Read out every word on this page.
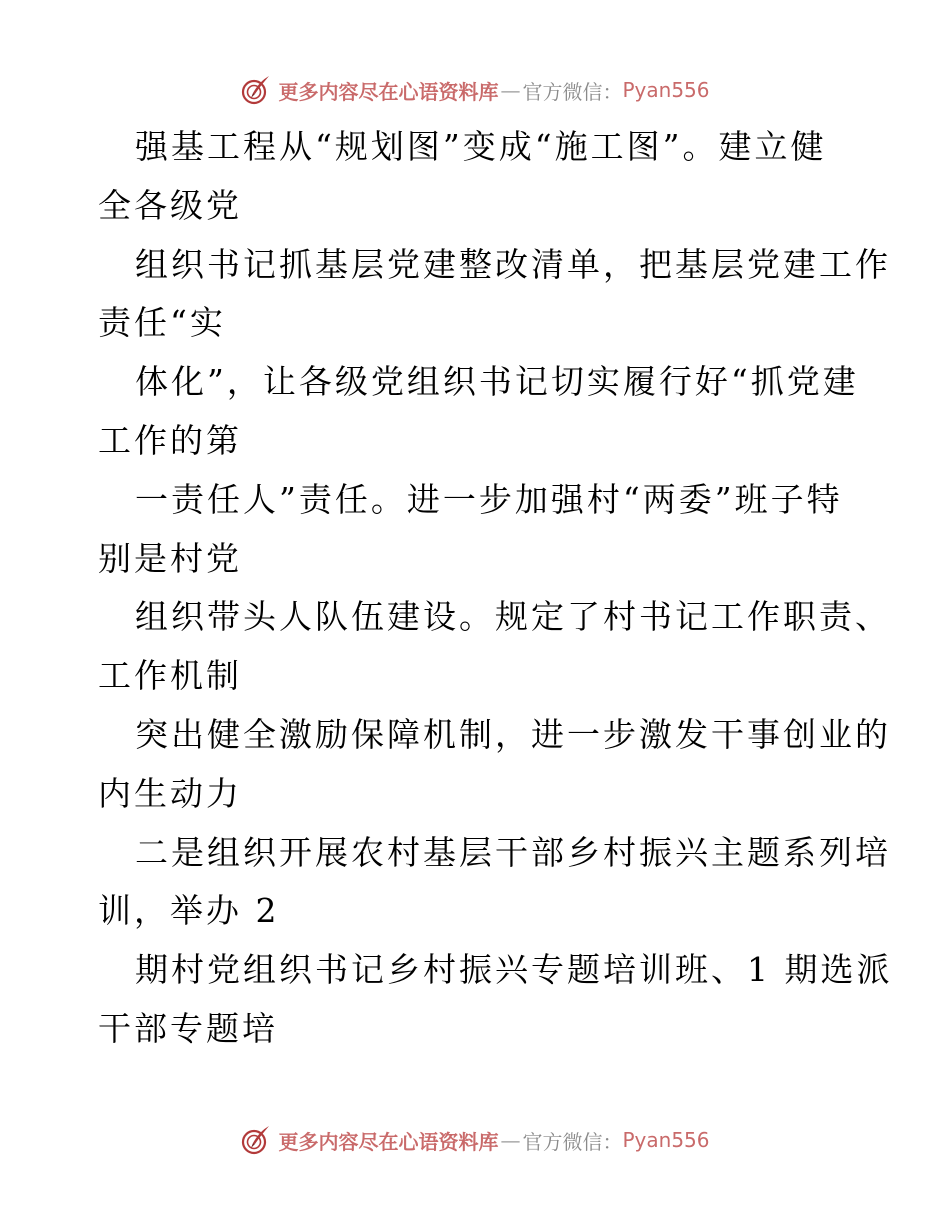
更多内容尽在心语资料库 — 官方微信： Pyan556
强基工程从“规划图”变成“施工图”。建立健
全各级党
组织书记抓基层党建整改清单，把基层党建工作
责任“实
体化”，让各级党组织书记切实履行好“抓党建
工作的第
一责任人”责任。进一步加强村“两委”班子特
别是村党
组织带头人队伍建设。规定了村书记工作职责、
工作机制
突出健全激励保障机制，进一步激发干事创业的
内生动力
二是组织开展农村基层干部乡村振兴主题系列培
训，举办 2
期村党组织书记乡村振兴专题培训班、1 期选派
干部专题培
更多内容尽在心语资料库 — 官方微信： Pyan556
